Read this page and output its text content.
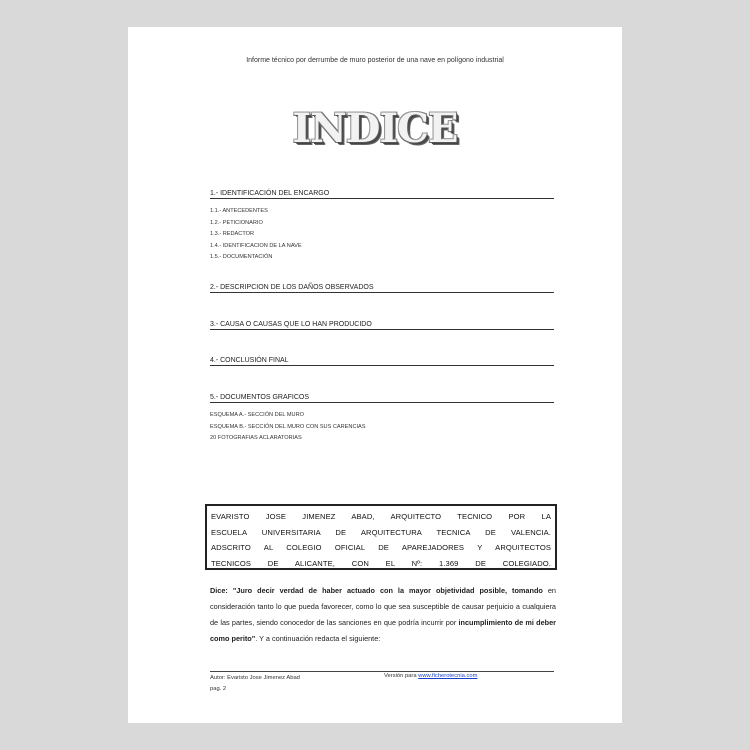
Informe técnico por derrumbe de muro posterior de una nave en polígono industrial
INDICE
1.- IDENTIFICACIÓN DEL ENCARGO
1.1.- ANTECEDENTES
1.2.- PETICIONARIO
1.3.- REDACTOR
1.4.- IDENTIFICACION DE LA NAVE
1.5.- DOCUMENTACIÓN
2.- DESCRIPCION DE LOS DAÑOS OBSERVADOS
3.- CAUSA O CAUSAS QUE LO HAN PRODUCIDO
4.- CONCLUSIÓN FINAL
5.- DOCUMENTOS GRAFICOS
ESQUEMA A.- SECCIÓN DEL MURO
ESQUEMA B.- SECCIÓN DEL MURO CON SUS CARENCIAS
20 FOTOGRAFIAS ACLARATORIAS
EVARISTO JOSE JIMENEZ ABAD, ARQUITECTO TECNICO POR LA
ESCUELA UNIVERSITARIA DE ARQUITECTURA TECNICA DE VALENCIA.
ADSCRITO AL COLEGIO OFICIAL DE APAREJADORES Y ARQUITECTOS
TECNICOS DE ALICANTE, CON EL Nº: 1.369 DE COLEGIADO.
Dice: "Juro decir verdad de haber actuado con la mayor objetividad posible, tomando en consideración tanto lo que pueda favorecer, como lo que sea susceptible de causar perjuicio a cualquiera de las partes, siendo conocedor de las sanciones en que podría incurrir por incumplimiento de mi deber como perito". Y a continuación redacta el siguiente:
Autor: Evaristo Jose Jimenez Abad
pag. 2
Versión para www.ficherotecnia.com
